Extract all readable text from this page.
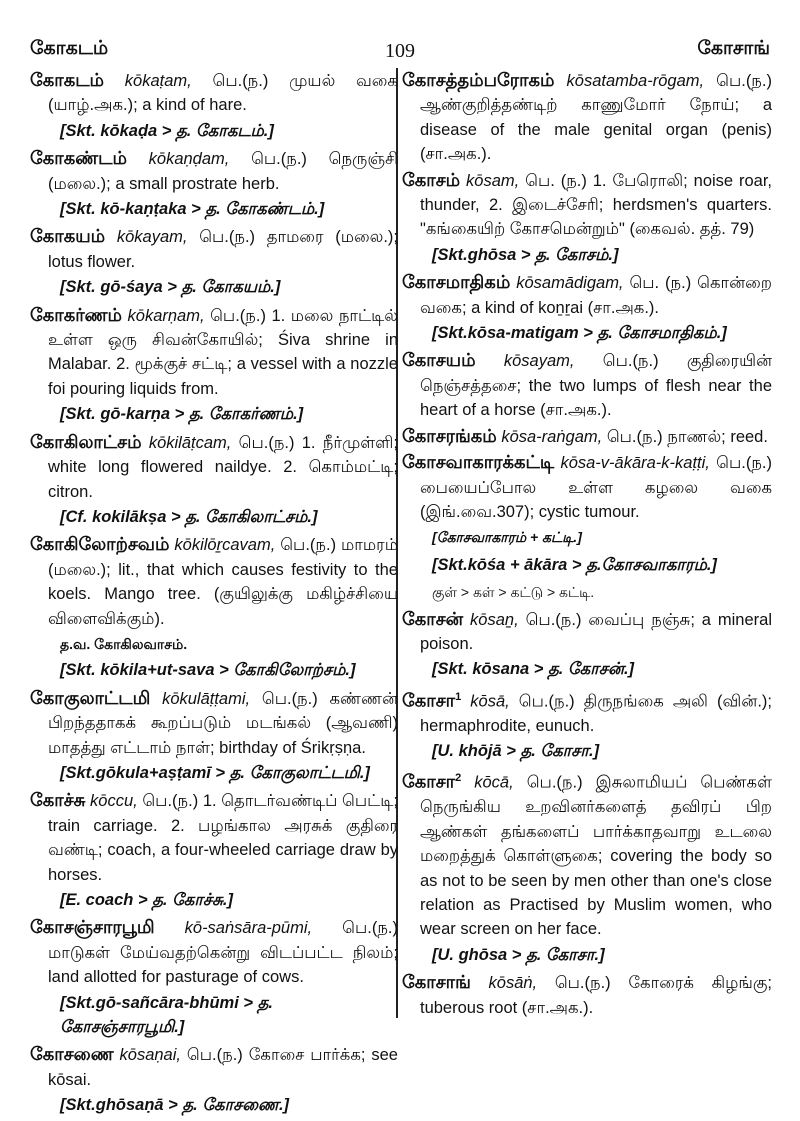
கோகடம்	109	கோசாங்

கோகடம் kōkaṭam, பெ.(ந.) முயல் வகை (யாழ்.அக.); a kind of hare.

[Skt. kōkaḍa > த. கோகடம்.]

கோகண்டம் kōkaṇḍam, பெ.(ந.) நெருஞ்சி (மலை.); a small prostrate herb.

[Skt. kō-kaṇṭaka > த. கோகண்டம்.]

கோகயம் kōkayam, பெ.(ந.) தாமரை (மலை.); lotus flower.

[Skt. gō-śaya > த. கோகயம்.]

கோகர்ணம் kōkarṇam, பெ.(ந.) 1. மலை நாட்டில் உள்ள ஒரு சிவன்கோயில்; Śiva shrine in Malabar. 2. மூக்குச் சட்டி; a vessel with a nozzle foi pouring liquids from.

[Skt. gō-karṇa > த. கோகர்ணம்.]

கோகிலாட்சம் kōkilāṭcam, பெ.(ந.) 1. நீர்முள்ளி; white long flowered naildye. 2. கொம்மட்டி; citron.

[Cf. kokilākṣa > த. கோகிலாட்சம்.]

கோகிலோற்சவம் kōkilōṟcavam, பெ.(ந.) மாமரம் (மலை.); lit., that which causes festivity to the koels. Mango tree. (குயிலுக்கு மகிழ்ச்சியை விளைவிக்கும்).

த.வ. கோகிலவாசம்.

[Skt. kōkila+ut-sava > கோகிலோற்சம்.]

கோகுலாட்டமி kōkulāṭṭami, பெ.(ந.) கண்ணன் பிறந்ததாகக் கூறப்படும் மடங்கல் (ஆவணி) மாதத்து எட்டாம் நாள்; birthday of Śrikṛṣṇa.

[Skt.gōkula+aṣṭamī > த. கோகுலாட்டமி.]

கோச்சு kōccu, பெ.(ந.) 1. தொடர்வண்டிப் பெட்டி; train carriage. 2. பழங்கால அரசுக் குதிரை வண்டி; coach, a four-wheeled carriage draw by horses.

[E. coach > த. கோச்சு.]

கோசஞ்சாரபூமி kō-saṅsāra-pūmi, பெ.(ந.) மாடுகள் மேய்வதற்கென்று விடப்பட்ட நிலம்; land allotted for pasturage of cows.

[Skt.gō-sañcāra-bhūmi > த. கோசஞ்சாரபூமி.]

கோசணை kōsaṇai, பெ.(ந.) கோசை பார்க்க; see kōsai.

[Skt.ghōsaṇā > த. கோசணை.]

கோசத்தம்பரோகம் kōsatamba-rōgam, பெ.(ந.) ஆண்குறித்தண்டிற் காணுமோர் நோய்; a disease of the male genital organ (penis) (சா.அக.).

கோசம் kōsam, பெ. (ந.) 1. பேரொலி; noise roar, thunder, 2. இடைச்சேரி; herdsmen's quarters. "கங்கையிற் கோசமென்றும்" (கைவல். தத். 79)

[Skt.ghōsa > த. கோசம்.]

கோசமாதிகம் kōsamādigam, பெ. (ந.) கொன்றை வகை; a kind of koṉṟai (சா.அக.).

[Skt.kōsa-matigam > த. கோசமாதிகம்.]

கோசயம் kōsayam, பெ.(ந.) குதிரையின் நெஞ்சத்தசை; the two lumps of flesh near the heart of a horse (சா.அக.).

கோசரங்கம் kōsa-raṅgam, பெ.(ந.) நாணல்; reed.

கோசவாகாரக்கட்டி kōsa-v-ākāra-k-kaṭṭi, பெ.(ந.) பையைப்போல உள்ள கழலை வகை (இங்.வை.307); cystic tumour.

[கோசவாகாரம் + கட்டி.]

[Skt.kōśa + ākāra > த.கோசவாகாரம்.]

குள் > கள் > கட்டு > கட்டி.

கோசன் kōsaṉ, பெ.(ந.) வைப்பு நஞ்சு; a mineral poison.

[Skt. kōsana > த. கோசன்.]

கோசா$^1$ kōsā, பெ.(ந.) திருநங்கை அலி (வின்.); hermaphrodite, eunuch.

[U. khōjā > த. கோசா.]

கோசா$^2$ kōcā, பெ.(ந.) இசுலாமியப் பெண்கள் நெருங்கிய உறவினர்களைத் தவிரப் பிற ஆண்கள் தங்களைப் பார்க்காதவாறு உடலை மறைத்துக் கொள்ளுகை; covering the body so as not to be seen by men other than one's close relation as Practised by Muslim women, who wear screen on her face.

[U. ghōsa > த. கோசா.]

கோசாங் kōsāṅ, பெ.(ந.) கோரைக் கிழங்கு; tuberous root (சா.அக.).
